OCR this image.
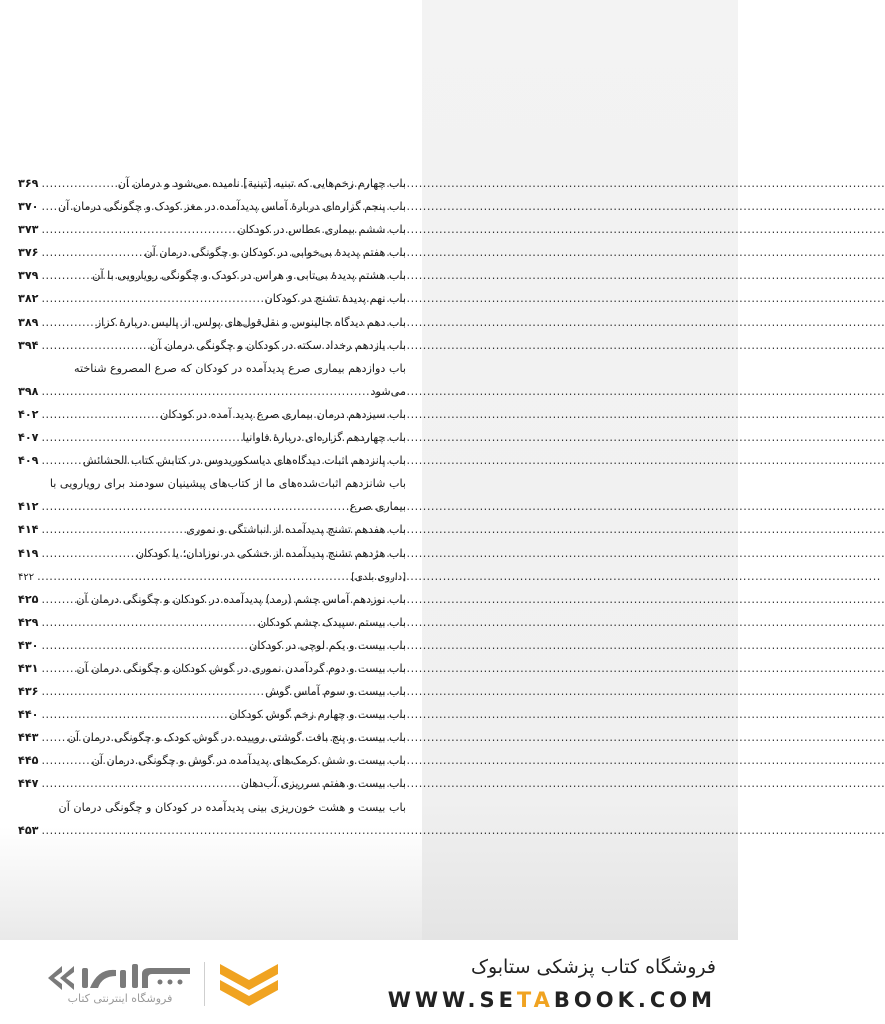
باب چهارم زخم‌هایی که تبنیه [تینیة] نامیده می‌شود و درمان آن
.....
۳۶۹
باب پنجم گزاره‌ای دربارهٔ آماس پدیدآمده در مغز کودک و چگونگی درمان آن
.....
۳۷۰
باب ششم بیماری عطاس در کودکان
.....
۳۷۳
باب هفتم پدیدهٔ بی‌خوابی در کودکان و چگونگی درمان آن
.....
۳۷۶
باب هشتم پدیدهٔ بی‌تابی و هراس در کودک و چگونگی رویارویی با آن
.....
۳۷۹
باب نهم پدیدهٔ تشنج در کودکان
.....
۳۸۲
باب دهم دیدگاه جالینوس و نقل‌قول‌های پولس از پالیس دربارهٔ کزاز
.....
۳۸۹
باب یازدهم رخداد سکته در کودکان و چگونگی درمان آن
.....
۳۹۴
باب دوازدهم بیماری صرع پدیدآمده در کودکان که صرع المصروع شناخته
می‌شود
.....
۳۹۸
باب سیزدهم درمان بیماری صرع پدید آمده در کودکان
.....
۴۰۲
باب چهاردهم گزاره‌ای دربارهٔ فاوانیا
.....
۴۰۷
باب پانزدهم اثبات دیدگاه‌های دیاسکوریدوس در کتابش کتاب الحشائش
.....
۴۰۹
باب شانزدهم اثبات‌شده‌های ما از کتاب‌های پیشینیان سودمند برای رویارویی با
بیماری صرع
.....
۴۱۲
باب هفدهم تشنج پدیدآمده از انباشتگی و نموری
.....
۴۱۴
باب هژدهم تشنج پدیدآمده از خشکی در نوزادان؛ یا کودکان
.....
۴۱۹
[داروی بلدی]
.....
۴۲۲
باب نوزدهم آماس چشم (رمد) پدیدآمده در کودکان و چگونگی درمان آن
.....
۴۲۵
باب بیستم سپیدک چشم کودکان
.....
۴۲۹
باب بیست و یکم لوچی در کودکان
.....
۴۳۰
باب بیست و دوم گردآمدن نموری در گوش کودکان و چگونگی درمان آن
.....
۴۳۱
باب بیست و سوم آماس گوش
.....
۴۳۶
باب بیست و چهارم زخم گوش کودکان
.....
۴۴۰
باب بیست و پنج بافت گوشتی روییده در گوش کودک و چگونگی درمان آن
.....
۴۴۳
باب بیست و شش کرمک‌های پدیدآمده در گوش و چگونگی درمان آن
.....
۴۴۵
باب بیست و هفتم سرریزی آب‌دهان
.....
۴۴۷
باب بیست و هشت خون‌ریزی بینی پدیدآمده در کودکان و چگونگی درمان آن
.....
۴۵۳
فروشگاه اینترنتی کتاب
فروشگاه کتاب پزشکی ستابوک
WWW.SETABOOK.COM
